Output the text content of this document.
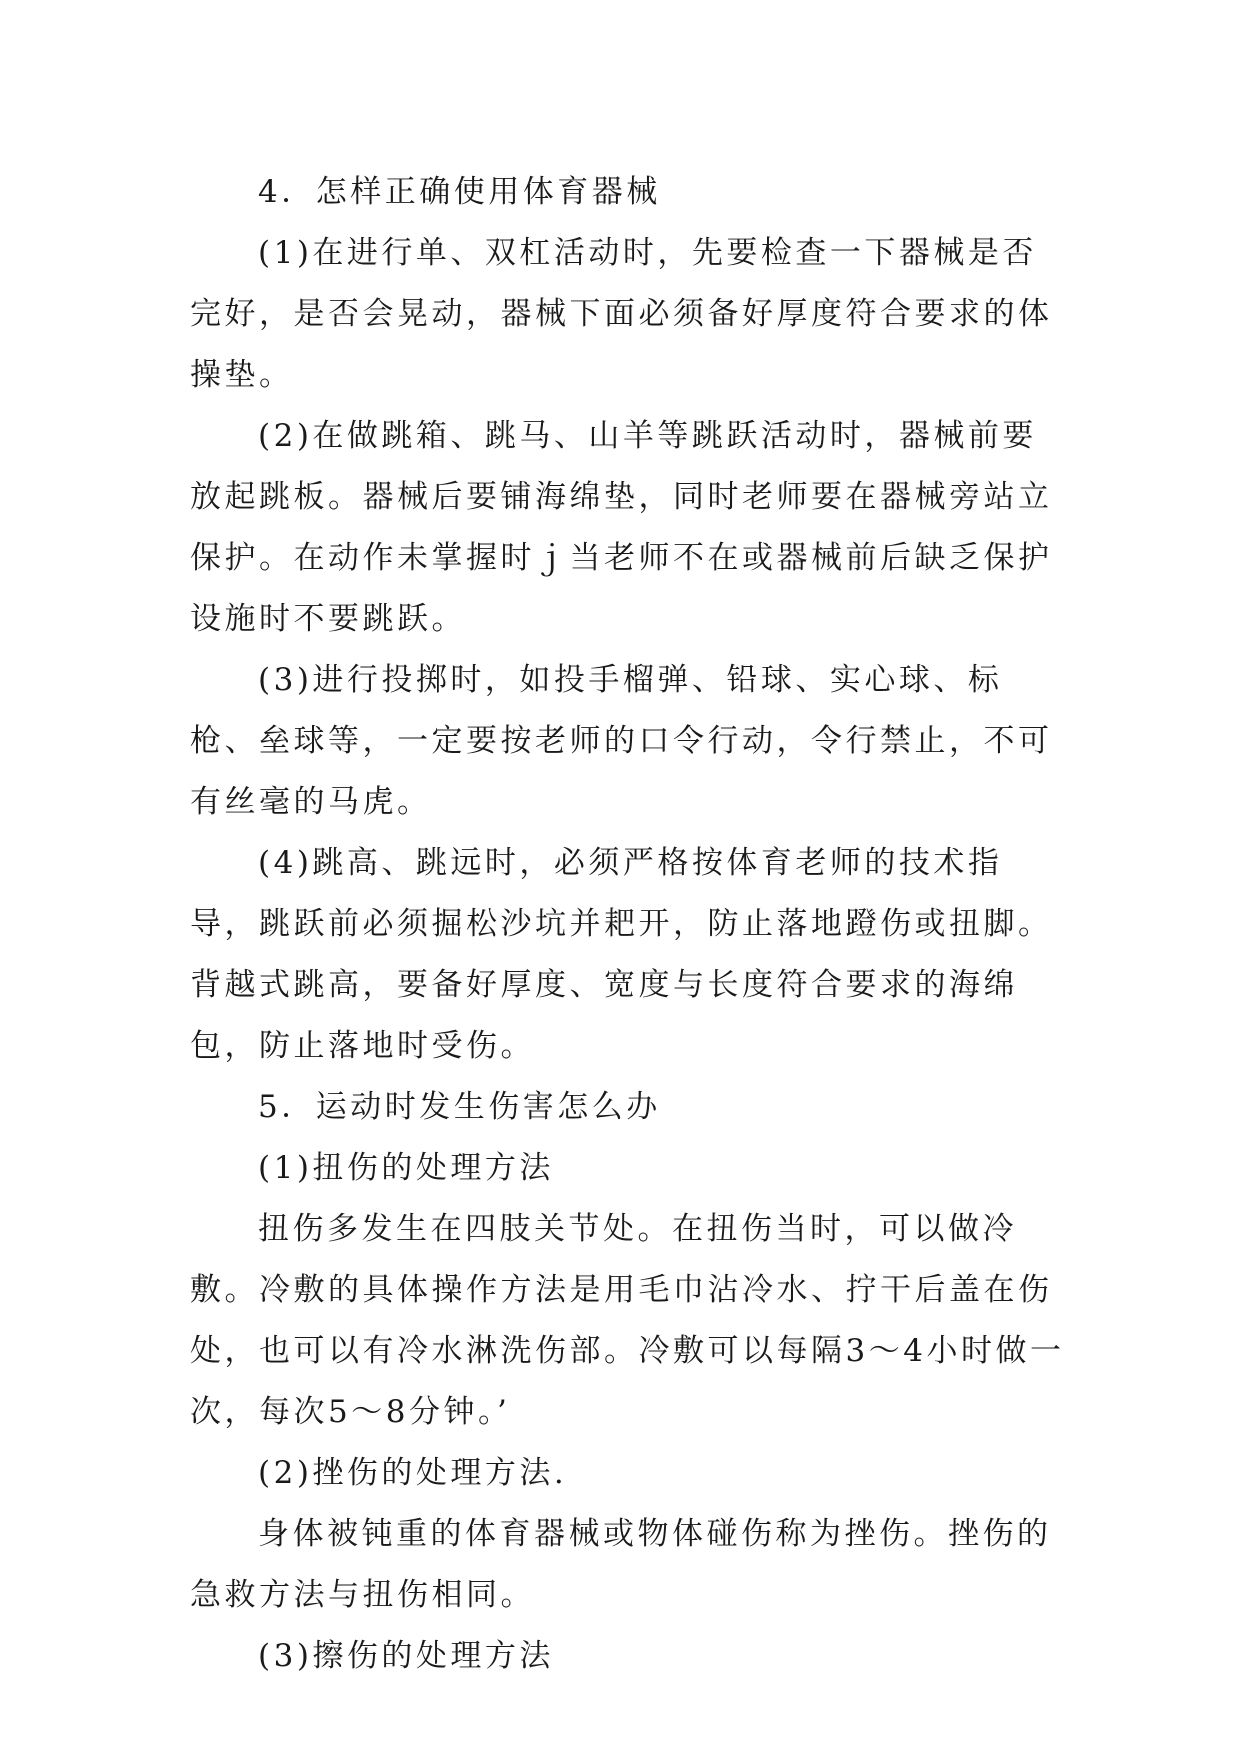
4．怎样正确使用体育器械

(1)在进行单、双杠活动时，先要检查一下器械是否完好，是否会晃动，器械下面必须备好厚度符合要求的体操垫。

(2)在做跳箱、跳马、山羊等跳跃活动时，器械前要放起跳板。器械后要铺海绵垫，同时老师要在器械旁站立保护。在动作未掌握时ｊ当老师不在或器械前后缺乏保护设施时不要跳跃。

(3)进行投掷时，如投手榴弹、铅球、实心球、标枪、垒球等，一定要按老师的口令行动，令行禁止，不可有丝毫的马虎。

(4)跳高、跳远时，必须严格按体育老师的技术指导，跳跃前必须掘松沙坑并耙开，防止落地蹬伤或扭脚。背越式跳高，要备好厚度、宽度与长度符合要求的海绵包，防止落地时受伤。

5．运动时发生伤害怎么办

(1)扭伤的处理方法

扭伤多发生在四肢关节处。在扭伤当时，可以做冷敷。冷敷的具体操作方法是用毛巾沾冷水、拧干后盖在伤处，也可以有冷水淋洗伤部。冷敷可以每隔3～4小时做一次，每次5～8分钟。’

(2)挫伤的处理方法.

身体被钝重的体育器械或物体碰伤称为挫伤。挫伤的急救方法与扭伤相同。

(3)擦伤的处理方法
